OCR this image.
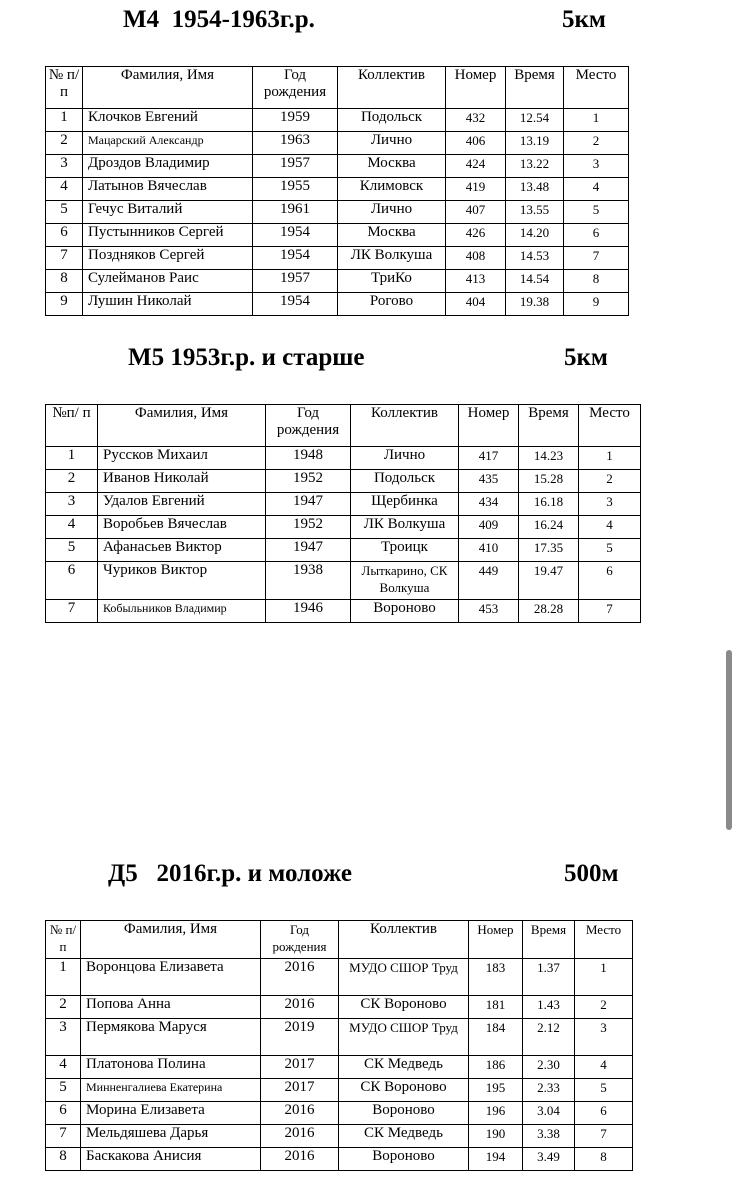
М4  1954-1963г.р.	5км
№ п/п	Фамилия, Имя	Год рождения	Коллектив	Номер	Время	Место
1	Клочков Евгений	1959	Подольск	432	12.54	1
2	Мацарский Александр	1963	Лично	406	13.19	2
3	Дроздов Владимир	1957	Москва	424	13.22	3
4	Латынов Вячеслав	1955	Климовск	419	13.48	4
5	Гечус Виталий	1961	Лично	407	13.55	5
6	Пустынников Сергей	1954	Москва	426	14.20	6
7	Поздняков Сергей	1954	ЛК Волкуша	408	14.53	7
8	Сулейманов Раис	1957	ТриКо	413	14.54	8
9	Лушин Николай	1954	Рогово	404	19.38	9
М5 1953г.р. и старше	5км
№п/ п	Фамилия, Имя	Год рождения	Коллектив	Номер	Время	Место
1	Русcков Михаил	1948	Лично	417	14.23	1
2	Иванов Николай	1952	Подольск	435	15.28	2
3	Удалов Евгений	1947	Щербинка	434	16.18	3
4	Воробьев Вячеслав	1952	ЛК Волкуша	409	16.24	4
5	Афанасьев Виктор	1947	Троицк	410	17.35	5
6	Чуриков Виктор	1938	Лыткарино, СК Волкуша	449	19.47	6
7	Кобыльников Владимир	1946	Вороново	453	28.28	7
Д5   2016г.р. и моложе	500м
№ п/п	Фамилия, Имя	Год рождения	Коллектив	Номер	Время	Место
1	Воронцова Елизавета	2016	МУДО СШОР Труд	183	1.37	1
2	Попова Анна	2016	СК Вороново	181	1.43	2
3	Пермякова Маруся	2019	МУДО СШОР Труд	184	2.12	3
4	Платонова Полина	2017	СК Медведь	186	2.30	4
5	Минненгалиева Екатерина	2017	СК Вороново	195	2.33	5
6	Морина Елизавета	2016	Вороново	196	3.04	6
7	Мельдяшева Дарья	2016	СК Медведь	190	3.38	7
8	Баскакова Анисия	2016	Вороново	194	3.49	8
